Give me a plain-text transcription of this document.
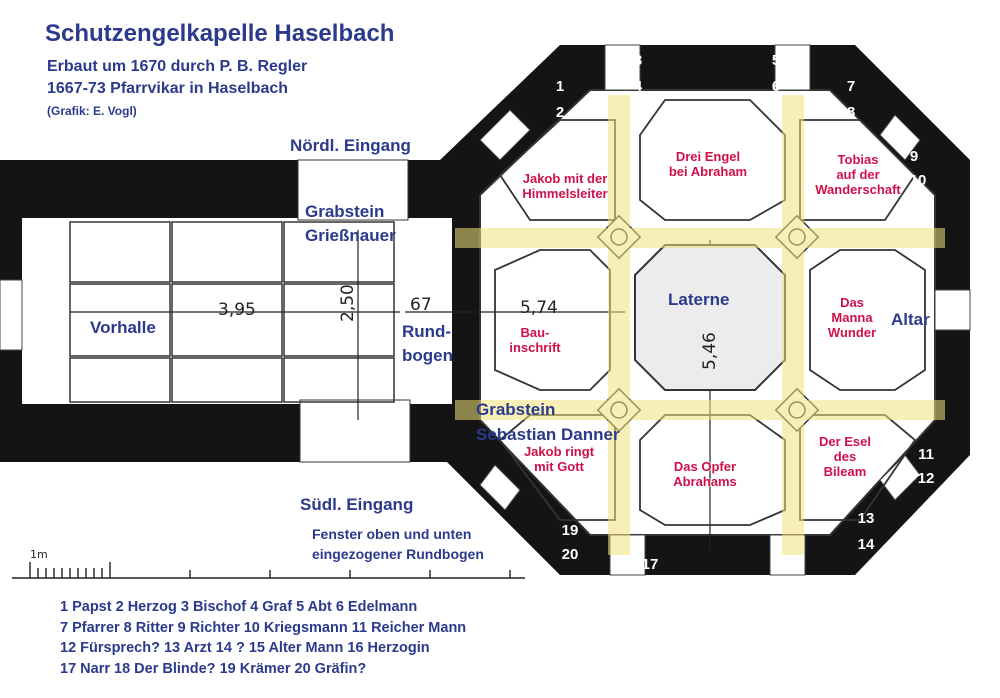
Schutzengelkapelle Haselbach
Erbaut um 1670 durch P. B. Regler
1667-73 Pfarrvikar in Haselbach
(Grafik: E. Vogl)
Nördl. Eingang
Grabstein
Grießnauer
Vorhalle	Rund-
bogen
Laterne
Altar
Grabstein
Sebastian Danner
Südl. Eingang
Fenster oben und unten
eingezogener Rundbogen
Drei Engel
bei Abraham
Jakob mit der
Himmelsleiter
Tobias
auf der
Wanderschaft
Bau-
inschrift
Das
Manna
Wunder
Jakob ringt
mit Gott	Das Opfer
Abrahams
Der Esel
des
Bileam
3,95	67
2,50	5,74
5,46
1m
1
2
3
4
5
6	7
8
9
10
11
12
13
14
15
16
17
18
19
20
1 Papst 2 Herzog 3 Bischof 4 Graf 5 Abt 6 Edelmann
7 Pfarrer 8 Ritter 9 Richter 10 Kriegsmann 11 Reicher Mann
12 Fürsprech? 13 Arzt 14 ? 15 Alter Mann 16 Herzogin
17 Narr 18 Der Blinde? 19 Krämer 20 Gräfin?
